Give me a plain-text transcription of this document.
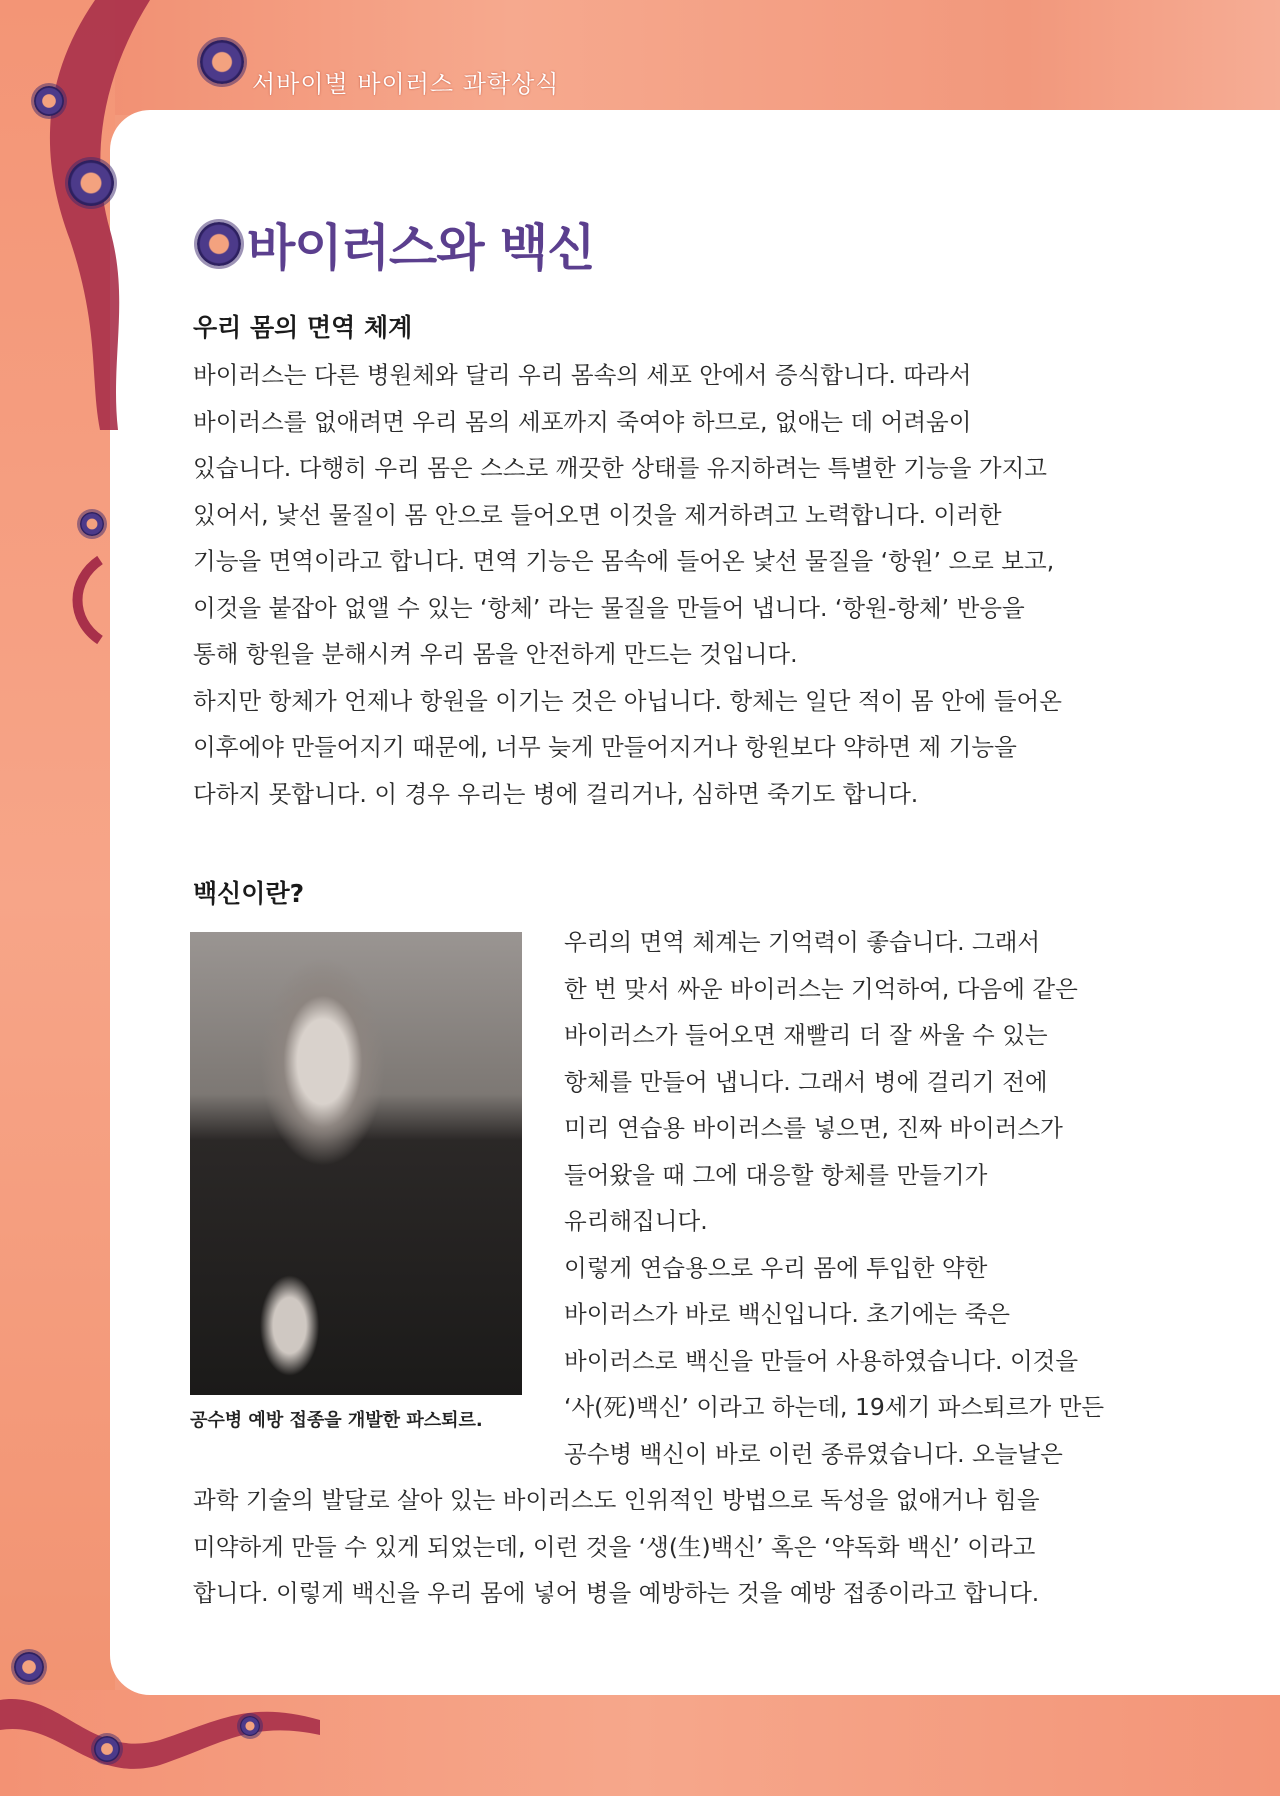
서바이벌 바이러스 과학상식
바이러스와 백신
우리 몸의 면역 체계
바이러스는 다른 병원체와 달리 우리 몸속의 세포 안에서 증식합니다. 따라서
바이러스를 없애려면 우리 몸의 세포까지 죽여야 하므로, 없애는 데 어려움이
있습니다. 다행히 우리 몸은 스스로 깨끗한 상태를 유지하려는 특별한 기능을 가지고
있어서, 낯선 물질이 몸 안으로 들어오면 이것을 제거하려고 노력합니다. 이러한
기능을 면역이라고 합니다. 면역 기능은 몸속에 들어온 낯선 물질을 ‘항원’ 으로 보고,
이것을 붙잡아 없앨 수 있는 ‘항체’ 라는 물질을 만들어 냅니다. ‘항원-항체’ 반응을
통해 항원을 분해시켜 우리 몸을 안전하게 만드는 것입니다.
하지만 항체가 언제나 항원을 이기는 것은 아닙니다. 항체는 일단 적이 몸 안에 들어온
이후에야 만들어지기 때문에, 너무 늦게 만들어지거나 항원보다 약하면 제 기능을
다하지 못합니다. 이 경우 우리는 병에 걸리거나, 심하면 죽기도 합니다.
백신이란?
공수병 예방 접종을 개발한 파스퇴르.
우리의 면역 체계는 기억력이 좋습니다. 그래서
한 번 맞서 싸운 바이러스는 기억하여, 다음에 같은
바이러스가 들어오면 재빨리 더 잘 싸울 수 있는
항체를 만들어 냅니다. 그래서 병에 걸리기 전에
미리 연습용 바이러스를 넣으면, 진짜 바이러스가
들어왔을 때 그에 대응할 항체를 만들기가
유리해집니다.
이렇게 연습용으로 우리 몸에 투입한 약한
바이러스가 바로 백신입니다. 초기에는 죽은
바이러스로 백신을 만들어 사용하였습니다. 이것을
‘사(死)백신’ 이라고 하는데, 19세기 파스퇴르가 만든
공수병 백신이 바로 이런 종류였습니다. 오늘날은
과학 기술의 발달로 살아 있는 바이러스도 인위적인 방법으로 독성을 없애거나 힘을
미약하게 만들 수 있게 되었는데, 이런 것을 ‘생(生)백신’ 혹은 ‘약독화 백신’ 이라고
합니다. 이렇게 백신을 우리 몸에 넣어 병을 예방하는 것을 예방 접종이라고 합니다.
